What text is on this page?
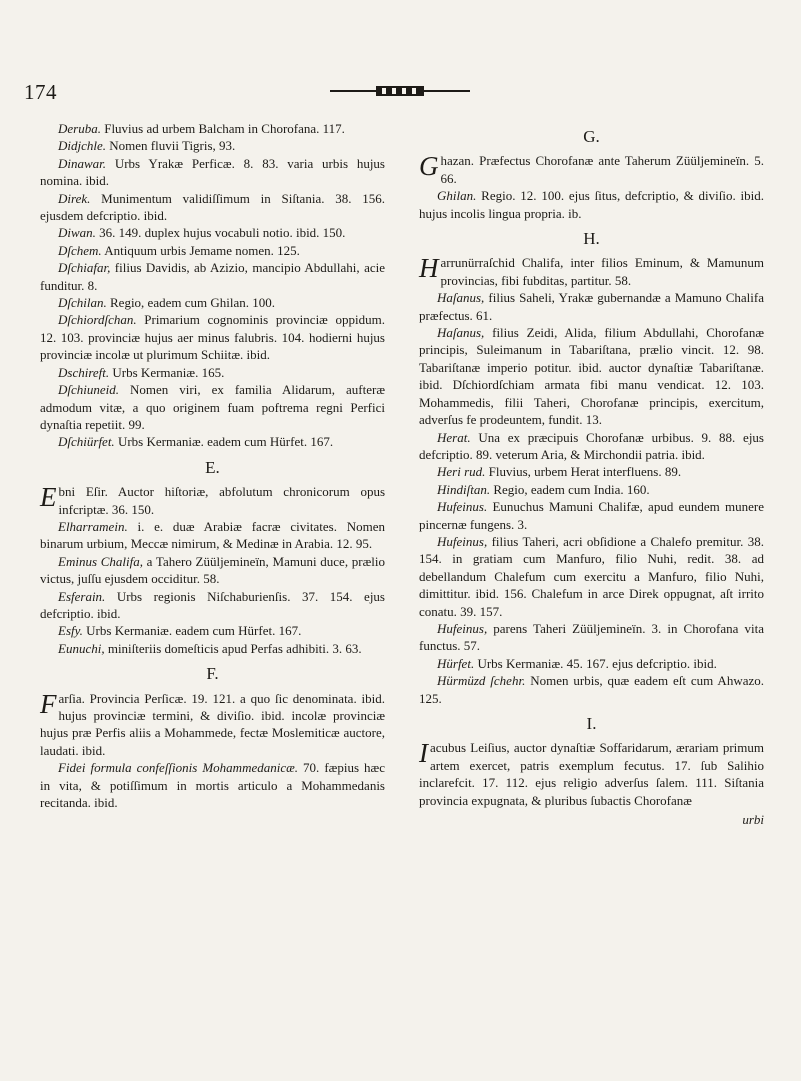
174

Deruba. Fluvius ad urbem Balcham in Chorofana. 117.

Didjchle. Nomen fluvii Tigris, 93.

Dinawar. Urbs Yrakæ Perficæ. 8. 83. varia urbis hujus nomina. ibid.

Direk. Munimentum validiſſimum in Siſtania. 38. 156. ejusdem defcriptio. ibid.

Diwan. 36. 149. duplex hujus vocabuli notio. ibid. 150.

Dſchem. Antiquum urbis Jemame nomen. 125.

Dſchiafar, filius Davidis, ab Azizio, mancipio Abdullahi, acie funditur. 8.

Dſchilan. Regio, eadem cum Ghilan. 100.

Dſchiordſchan. Primarium cognominis provinciæ oppidum. 12. 103. provinciæ hujus aer minus falubris. 104. hodierni hujus provinciæ incolæ ut plurimum Schiitæ. ibid.

Dschireft. Urbs Kermaniæ. 165.

Dſchiuneid. Nomen viri, ex familia Alidarum, aufteræ admodum vitæ, a quo originem fuam poftrema regni Perfici dynaſtia repetiit. 99.

Dſchiürfet. Urbs Kermaniæ. eadem cum Hürfet. 167.

E.

Ebni Eſir. Auctor hiſtoriæ, abfolutum chronicorum opus infcriptæ. 36. 150.

Elharramein. i. e. duæ Arabiæ facræ civitates. Nomen binarum urbium, Meccæ nimirum, & Medinæ in Arabia. 12. 95.

Eminus Chalifa, a Tahero Züüljemineïn, Mamuni duce, prælio victus, juſſu ejusdem occiditur. 58.

Esferain. Urbs regionis Niſchaburienſis. 37. 154. ejus defcriptio. ibid.

Esfy. Urbs Kermaniæ. eadem cum Hürfet. 167.

Eunuchi, miniſteriis domeſticis apud Perfas adhibiti. 3. 63.

F.

Farſia. Provincia Perſicæ. 19. 121. a quo ſic denominata. ibid. hujus provinciæ termini, & diviſio. ibid. incolæ provinciæ hujus præ Perfis aliis a Mohammede, fectæ Moslemiticæ auctore, laudati. ibid.

Fidei formula confeſſionis Mohammedanicæ. 70. fæpius hæc in vita, & potiſſimum in mortis articulo a Mohammedanis recitanda. ibid.

G.

Ghazan. Præfectus Chorofanæ ante Taherum Züüljemineïn. 5. 66.

Ghilan. Regio. 12. 100. ejus ſitus, defcriptio, & diviſio. ibid. hujus incolis lingua propria. ib.

H.

Harrunürraſchid Chalifa, inter filios Eminum, & Mamunum provincias, fibi fubditas, partitur. 58.

Haſanus, filius Saheli, Yrakæ gubernandæ a Mamuno Chalifa præfectus. 61.

Haſanus, filius Zeidi, Alida, filium Abdullahi, Chorofanæ principis, Suleimanum in Tabariſtana, prælio vincit. 12. 98. Tabariſtanæ imperio potitur. ibid. auctor dynaſtiæ Tabariſtanæ. ibid. Dſchiordſchiam armata fibi manu vendicat. 12. 103. Mohammedis, filii Taheri, Chorofanæ principis, exercitum, adverſus fe prodeuntem, fundit. 13.

Herat. Una ex præcipuis Chorofanæ urbibus. 9. 88. ejus defcriptio. 89. veterum Aria, & Mirchondii patria. ibid.

Heri rud. Fluvius, urbem Herat interfluens. 89.

Hindiſtan. Regio, eadem cum India. 160.

Hufeinus. Eunuchus Mamuni Chalifæ, apud eundem munere pincernæ fungens. 3.

Hufeinus, filius Taheri, acri obſidione a Chalefo premitur. 38. 154. in gratiam cum Manfuro, filio Nuhi, redit. 38. ad debellandum Chalefum cum exercitu a Manfuro, filio Nuhi, dimittitur. ibid. 156. Chalefum in arce Direk oppugnat, aſt irrito conatu. 39. 157.

Hufeinus, parens Taheri Züüljemineïn. 3. in Chorofana vita functus. 57.

Hürfet. Urbs Kermaniæ. 45. 167. ejus defcriptio. ibid.

Hürmüzd ſchehr. Nomen urbis, quæ eadem eſt cum Ahwazo. 125.

I.

Iacubus Leiſius, auctor dynaſtiæ Soffaridarum, ærariam primum artem exercet, patris exemplum fecutus. 17. ſub Salihio inclarefcit. 17. 112. ejus religio adverſus ſalem. 111. Siſtania provincia expugnata, & pluribus ſubactis Chorofanæ

urbi
